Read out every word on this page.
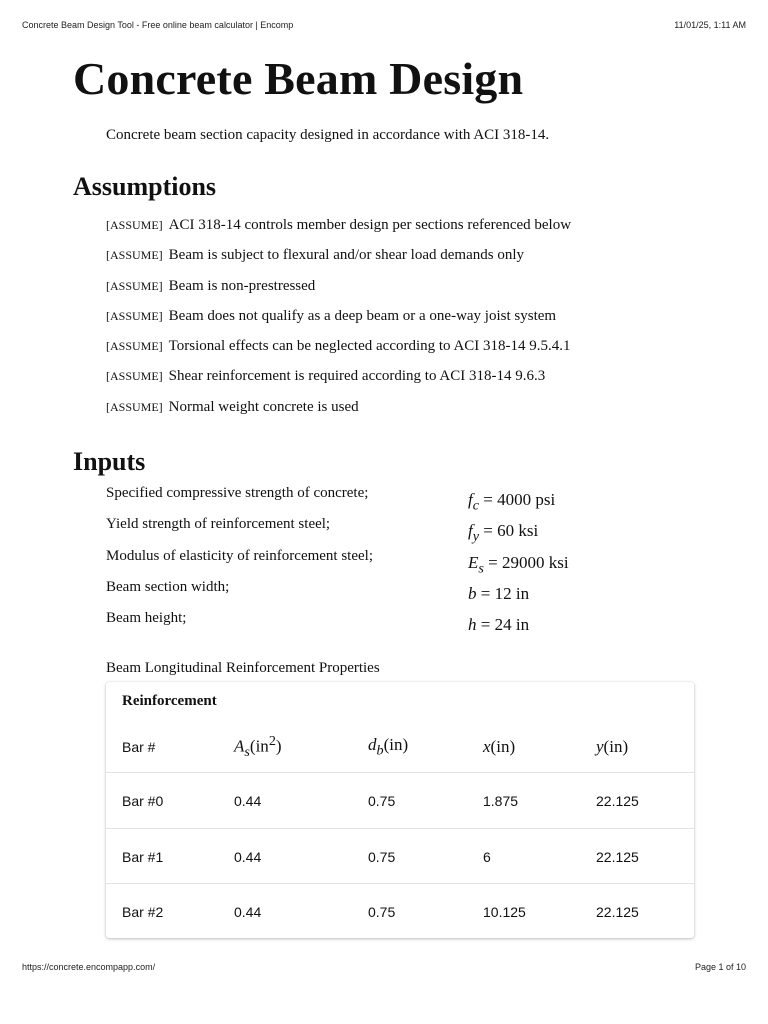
Concrete Beam Design Tool - Free online beam calculator | Encomp	11/01/25, 1:11 AM
Concrete Beam Design

Concrete beam section capacity designed in accordance with ACI 318-14.

Assumptions
[ASSUME] ACI 318-14 controls member design per sections referenced below
[ASSUME] Beam is subject to flexural and/or shear load demands only
[ASSUME] Beam is non-prestressed
[ASSUME] Beam does not qualify as a deep beam or a one-way joist system
[ASSUME] Torsional effects can be neglected according to ACI 318-14 9.5.4.1
[ASSUME] Shear reinforcement is required according to ACI 318-14 9.6.3
[ASSUME] Normal weight concrete is used
Inputs
Specified compressive strength of concrete;	$f_c = 4000$ psi
Yield strength of reinforcement steel;	$f_y = 60$ ksi
Modulus of elasticity of reinforcement steel;	$E_s = 29000$ ksi
Beam section width;	b = 12 in
Beam height;	h = 24 in

Beam Longitudinal Reinforcement Properties

Reinforcement
Bar #	$A_s(in^2)$	$d_b(in)$	x(in)	y(in)
Bar #0	0.44	0.75	1.875	22.125
Bar #1	0.44	0.75	6	22.125
Bar #2	0.44	0.75	10.125	22.125
https://concrete.encompapp.com/	Page 1 of 10
